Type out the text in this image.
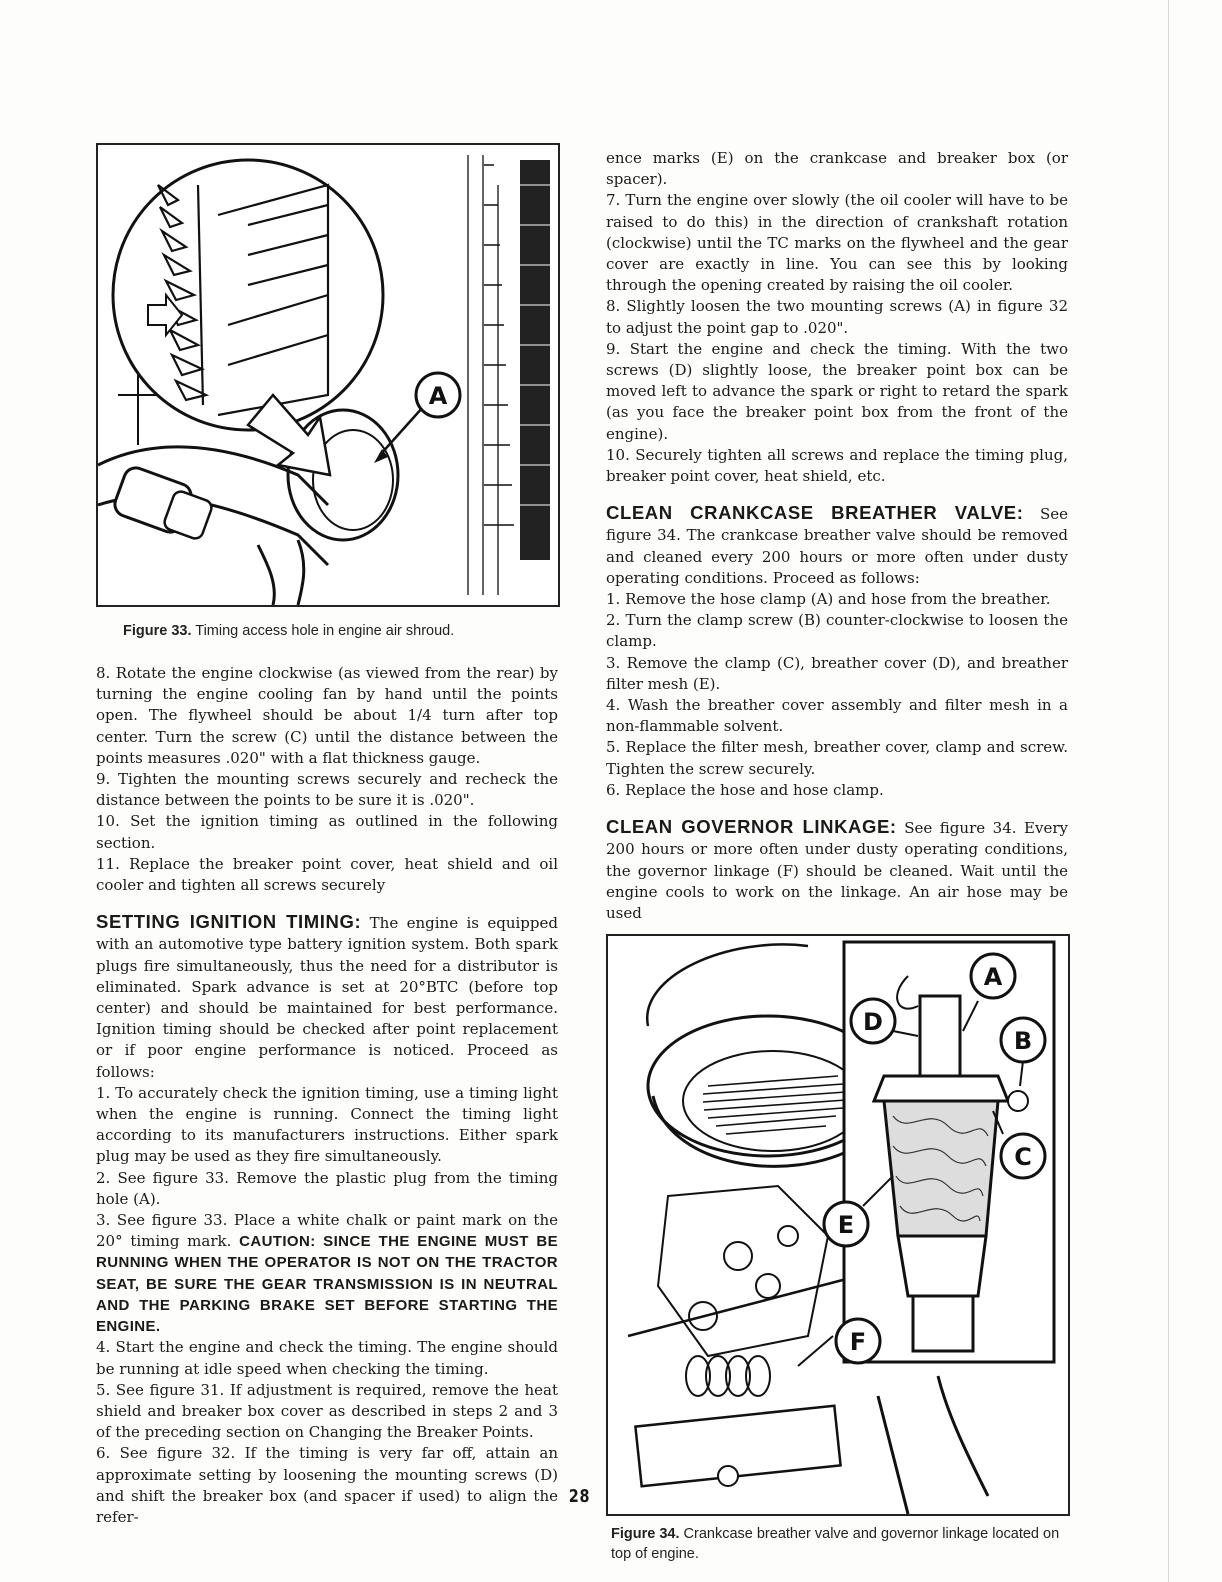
A
Figure 33. Timing access hole in engine air shroud.

8. Rotate the engine clockwise (as viewed from the rear) by turning the engine cooling fan by hand until the points open. The flywheel should be about 1/4 turn after top center. Turn the screw (C) until the distance between the points measures .020" with a flat thickness gauge.

9. Tighten the mounting screws securely and recheck the distance between the points to be sure it is .020".

10. Set the ignition timing as outlined in the following section.

11. Replace the breaker point cover, heat shield and oil cooler and tighten all screws securely

SETTING IGNITION TIMING: The engine is equipped with an automotive type battery ignition system. Both spark plugs fire simultaneously, thus the need for a distributor is eliminated. Spark advance is set at 20°BTC (before top center) and should be maintained for best performance. Ignition timing should be checked after point replacement or if poor engine performance is noticed. Proceed as follows:

1. To accurately check the ignition timing, use a timing light when the engine is running. Connect the timing light according to its manufacturers instructions. Either spark plug may be used as they fire simultaneously.

2. See figure 33. Remove the plastic plug from the timing hole (A).

3. See figure 33. Place a white chalk or paint mark on the 20° timing mark. CAUTION: SINCE THE ENGINE MUST BE RUNNING WHEN THE OPERATOR IS NOT ON THE TRACTOR SEAT, BE SURE THE GEAR TRANSMISSION IS IN NEUTRAL AND THE PARKING BRAKE SET BEFORE STARTING THE ENGINE.

4. Start the engine and check the timing. The engine should be running at idle speed when checking the timing.

5. See figure 31. If adjustment is required, remove the heat shield and breaker box cover as described in steps 2 and 3 of the preceding section on Changing the Breaker Points.

6. See figure 32. If the timing is very far off, attain an approximate setting by loosening the mounting screws (D) and shift the breaker box (and spacer if used) to align the refer-

ence marks (E) on the crankcase and breaker box (or spacer).

7. Turn the engine over slowly (the oil cooler will have to be raised to do this) in the direction of crankshaft rotation (clockwise) until the TC marks on the flywheel and the gear cover are exactly in line. You can see this by looking through the opening created by raising the oil cooler.

8. Slightly loosen the two mounting screws (A) in figure 32 to adjust the point gap to .020".

9. Start the engine and check the timing. With the two screws (D) slightly loose, the breaker point box can be moved left to advance the spark or right to retard the spark (as you face the breaker point box from the front of the engine).

10. Securely tighten all screws and replace the timing plug, breaker point cover, heat shield, etc.

CLEAN CRANKCASE BREATHER VALVE: See figure 34. The crankcase breather valve should be removed and cleaned every 200 hours or more often under dusty operating conditions. Proceed as follows:

1. Remove the hose clamp (A) and hose from the breather.

2. Turn the clamp screw (B) counter-clockwise to loosen the clamp.

3. Remove the clamp (C), breather cover (D), and breather filter mesh (E).

4. Wash the breather cover assembly and filter mesh in a non-flammable solvent.

5. Replace the filter mesh, breather cover, clamp and screw. Tighten the screw securely.

6. Replace the hose and hose clamp.

CLEAN GOVERNOR LINKAGE: See figure 34. Every 200 hours or more often under dusty operating conditions, the governor linkage (F) should be cleaned. Wait until the engine cools to work on the linkage. An air hose may be used

A
B
C
D
E
F
Figure 34. Crankcase breather valve and governor linkage located on top of engine.
28
